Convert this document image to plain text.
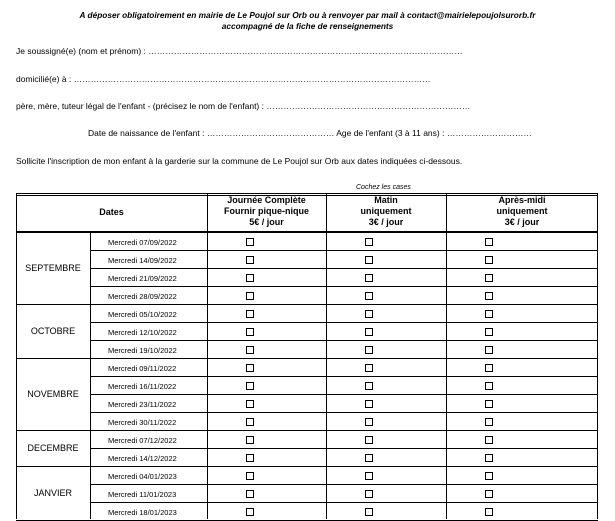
A déposer obligatoirement en mairie de Le Poujol sur Orb ou à renvoyer par mail à contact@mairielepoujolsurorb.fr
accompagné de la fiche de renseignements
Je soussigné(e) (nom et prénom) : …………………………………………………………………………………………………
domicilié(e) à : ………………………………………………………………………………………………………………
père, mère, tuteur légal de l'enfant - (précisez le nom de l'enfant) : ………………………………………………………………
Date de naissance de l'enfant : ……………………………………… Age de l'enfant (3 à 11 ans) : …………………………
Sollicite l'inscription de mon enfant à la garderie sur la commune de Le Poujol sur Orb aux dates indiquées ci-dessous.
Cochez les cases
Dates
Journée Complète
Fournir pique-nique
5€ / jour
Matin
uniquement
3€ / jour
Après-midi
uniquement
3€ / jour
SEPTEMBRE
Mercredi 07/09/2022
Mercredi 14/09/2022
Mercredi 21/09/2022
Mercredi 28/09/2022
OCTOBRE
Mercredi 05/10/2022
Mercredi 12/10/2022
Mercredi 19/10/2022
NOVEMBRE
Mercredi 09/11/2022
Mercredi 16/11/2022
Mercredi 23/11/2022
Mercredi 30/11/2022
DECEMBRE
Mercredi 07/12/2022
Mercredi 14/12/2022
JANVIER
Mercredi 04/01/2023
Mercredi 11/01/2023
Mercredi 18/01/2023
